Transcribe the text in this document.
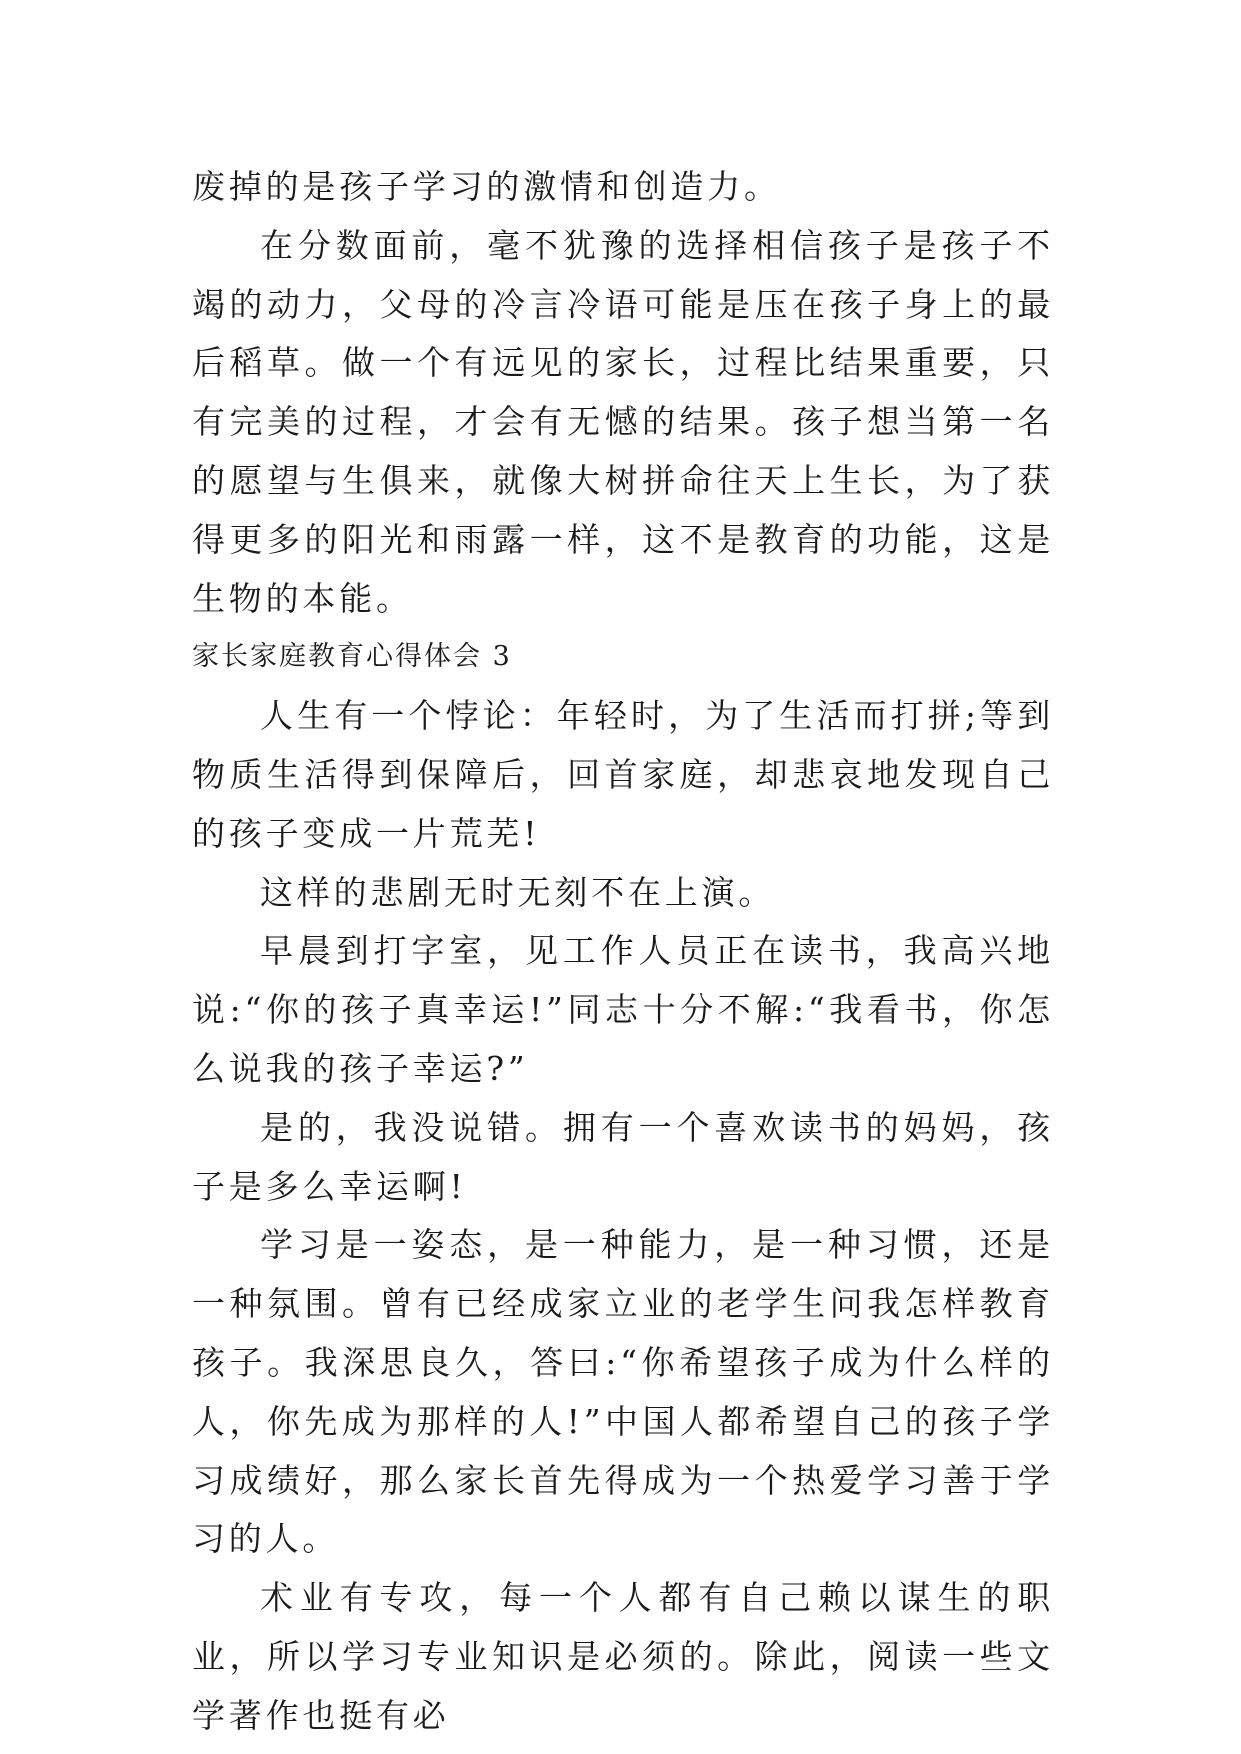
废掉的是孩子学习的激情和创造力。

在分数面前，毫不犹豫的选择相信孩子是孩子不竭的动力，父母的冷言冷语可能是压在孩子身上的最后稻草。做一个有远见的家长，过程比结果重要，只有完美的过程，才会有无憾的结果。孩子想当第一名的愿望与生俱来，就像大树拼命往天上生长，为了获得更多的阳光和雨露一样，这不是教育的功能，这是生物的本能。

家长家庭教育心得体会 3

人生有一个悖论：年轻时，为了生活而打拼;等到物质生活得到保障后，回首家庭，却悲哀地发现自己的孩子变成一片荒芜!

这样的悲剧无时无刻不在上演。

早晨到打字室，见工作人员正在读书，我高兴地说:“你的孩子真幸运!”同志十分不解:“我看书，你怎么说我的孩子幸运?”

是的，我没说错。拥有一个喜欢读书的妈妈，孩子是多么幸运啊!

学习是一姿态，是一种能力，是一种习惯，还是一种氛围。曾有已经成家立业的老学生问我怎样教育孩子。我深思良久，答曰:“你希望孩子成为什么样的人，你先成为那样的人!”中国人都希望自己的孩子学习成绩好，那么家长首先得成为一个热爱学习善于学习的人。

术业有专攻，每一个人都有自己赖以谋生的职业，所以学习专业知识是必须的。除此，阅读一些文学著作也挺有必
